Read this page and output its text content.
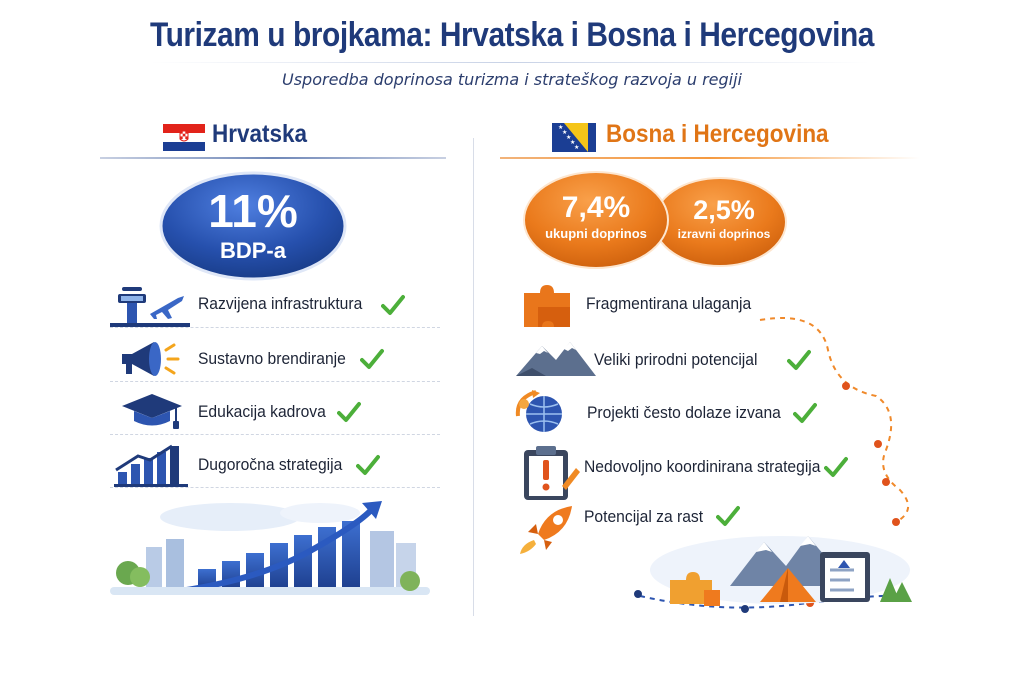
Turizam u brojkama: Hrvatska i Bosna i Hercegovina
Usporedba doprinosa turizma i strateškog razvoja u regiji
Hrvatska
11%
BDP-a
Razvijena infrastruktura
Sustavno brendiranje
Edukacija kadrova
Dugoročna strategija
★
★
★
★
★ Bosna i Hercegovina
7,4%
ukupni doprinos
2,5%
izravni doprinos
Fragmentirana ulaganja
Veliki prirodni potencijal
Projekti često dolaze izvana
Nedovoljno koordinirana strategija
Potencijal za rast
